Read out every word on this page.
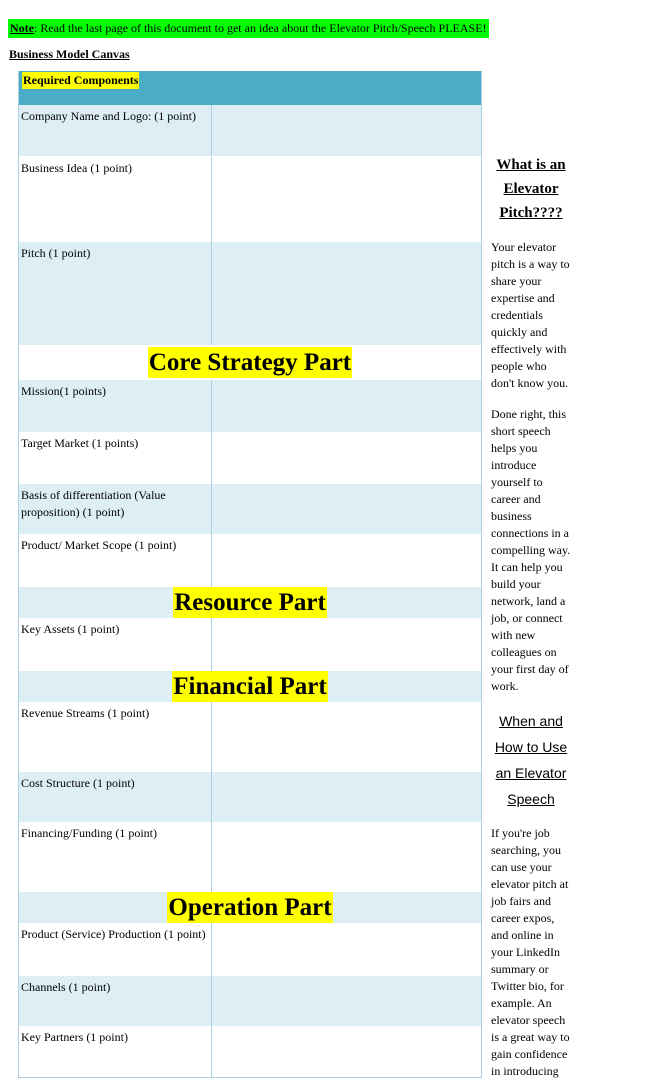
Note: Read the last page of this document to get an idea about the Elevator Pitch/Speech PLEASE!
Business Model Canvas
Required Components
Company Name and Logo: (1 point)
Business Idea (1 point)
Pitch (1 point)
Core Strategy Part
Mission(1 points)
Target Market (1 points)
Basis of differentiation (Value proposition) (1 point)
Product/ Market Scope (1 point)
Resource Part
Key Assets (1 point)
Financial Part
Revenue Streams (1 point)
Cost Structure (1 point)
Financing/Funding (1 point)
Operation Part
Product (Service) Production (1 point)
Channels (1 point)
Key Partners (1 point)
What is an Elevator Pitch????
Your elevator pitch is a way to share your expertise and credentials quickly and effectively with people who don't know you.
Done right, this short speech helps you introduce yourself to career and business connections in a compelling way. It can help you build your network, land a job, or connect with new colleagues on your first day of work.
When and How to Use an Elevator Speech
If you're job searching, you can use your elevator pitch at job fairs and career expos, and online in your LinkedIn summary or Twitter bio, for example. An elevator speech is a great way to gain confidence in introducing
